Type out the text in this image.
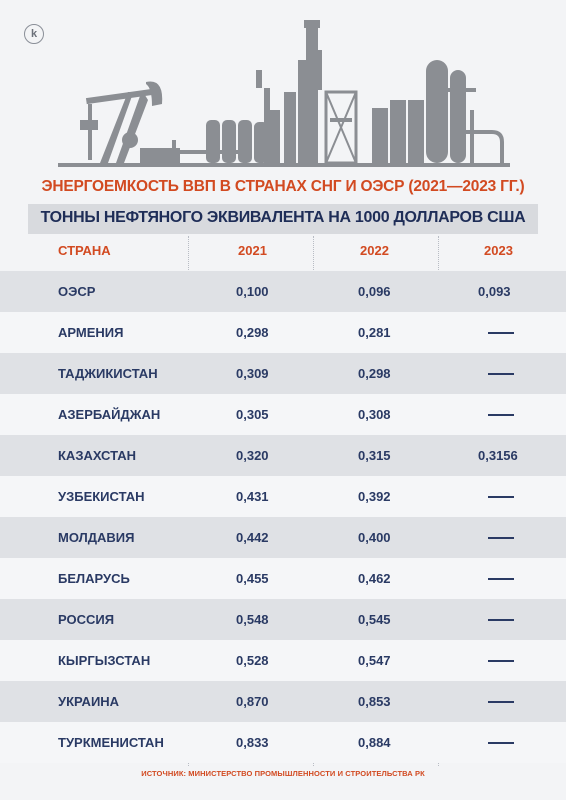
k
ЭНЕРГОЕМКОСТЬ ВВП В СТРАНАХ СНГ И ОЭСР (2021—2023 ГГ.)
ТОННЫ НЕФТЯНОГО ЭКВИВАЛЕНТА НА 1000 ДОЛЛАРОВ США
СТРАНА	2021	2022	2023
ОЭСР	0,100	0,096	0,093
АРМЕНИЯ	0,298	0,281
ТАДЖИКИСТАН	0,309	0,298
АЗЕРБАЙДЖАН	0,305	0,308
КАЗАХСТАН	0,320	0,315	0,3156
УЗБЕКИСТАН	0,431	0,392
МОЛДАВИЯ	0,442	0,400
БЕЛАРУСЬ	0,455	0,462
РОССИЯ	0,548	0,545
КЫРГЫЗСТАН	0,528	0,547
УКРАИНА	0,870	0,853
ТУРКМЕНИСТАН	0,833	0,884
ИСТОЧНИК: МИНИСТЕРСТВО ПРОМЫШЛЕННОСТИ И СТРОИТЕЛЬСТВА РК
